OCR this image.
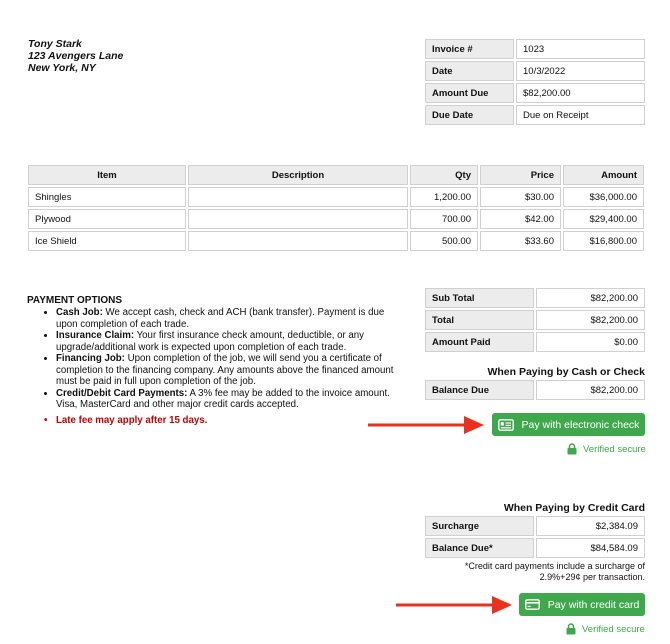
Tony Stark
123 Avengers Lane
New York, NY
Invoice #	1023
Date	10/3/2022
Amount Due	$82,200.00
Due Date	Due on Receipt
Item	Description	Qty	Price	Amount
Shingles		1,200.00	$30.00	$36,000.00
Plywood		700.00	$42.00	$29,400.00
Ice Shield		500.00	$33.60	$16,800.00
PAYMENT OPTIONS
• Cash Job: We accept cash, check and ACH (bank transfer). Payment is due upon completion of each trade.
• Insurance Claim: Your first insurance check amount, deductible, or any upgrade/additional work is expected upon completion of each trade.
• Financing Job: Upon completion of the job, we will send you a certificate of completion to the financing company. Any amounts above the financed amount must be paid in full upon completion of the job.
• Credit/Debit Card Payments: A 3% fee may be added to the invoice amount. Visa, MasterCard and other major credit cards accepted.
• Late fee may apply after 15 days.
Sub Total	$82,200.00
Total	$82,200.00
Amount Paid	$0.00
When Paying by Cash or Check
Balance Due	$82,200.00
Pay with electronic check
Verified secure
When Paying by Credit Card
Surcharge	$2,384.09
Balance Due*	$84,584.09
*Credit card payments include a surcharge of 2.9%+29¢ per transaction.
Pay with credit card
Verified secure
